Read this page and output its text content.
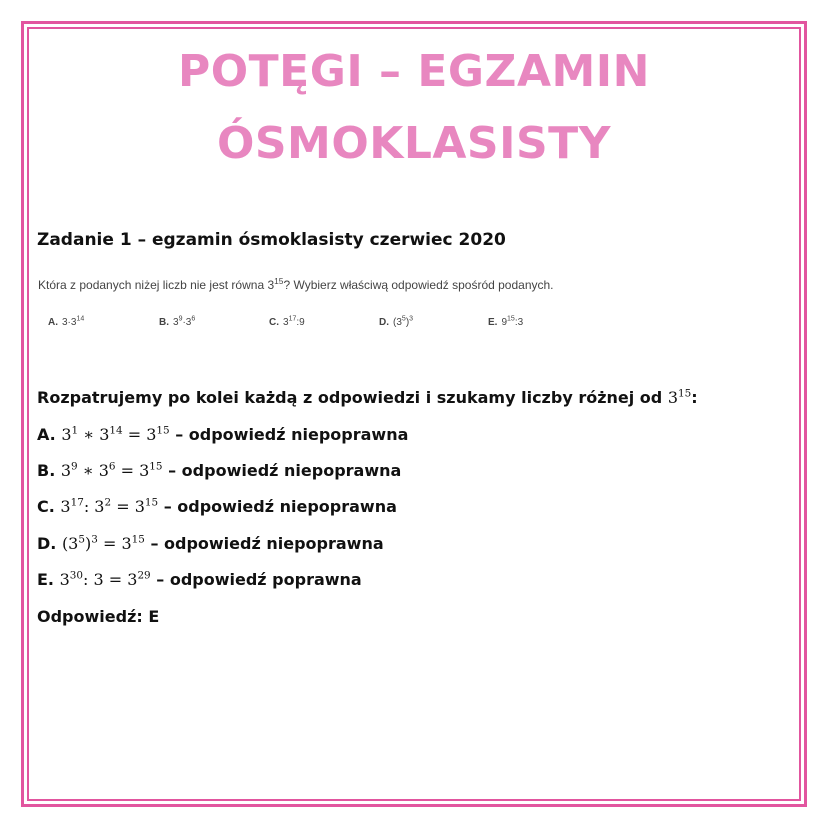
POTĘGI – EGZAMIN
ÓSMOKLASISTY
Zadanie 1 – egzamin ósmoklasisty czerwiec 2020
Która z podanych niżej liczb nie jest równa $3^{15}$? Wybierz właściwą odpowiedź spośród podanych.
A. $3\cdot 3^{14}$	B. $3^9\cdot 3^6$	C. $3^{17}:9$	D. $(3^5)^3$	E. $9^{15}:3$
Rozpatrujemy po kolei każdą z odpowiedzi i szukamy liczby różnej od $3^{15}$:
A. $3^1$ ∗ $3^{14} = 3^{15}$ – odpowiedź niepoprawna
B. $3^9$ ∗ $3^6 = 3^{15}$ – odpowiedź niepoprawna
C. $3^{17}$: $3^2 = 3^{15}$ – odpowiedź niepoprawna
D. $(3^5)^3 = 3^{15}$ – odpowiedź niepoprawna
E. $3^{30}$: $3 = 3^{29}$ – odpowiedź poprawna
Odpowiedź: E
